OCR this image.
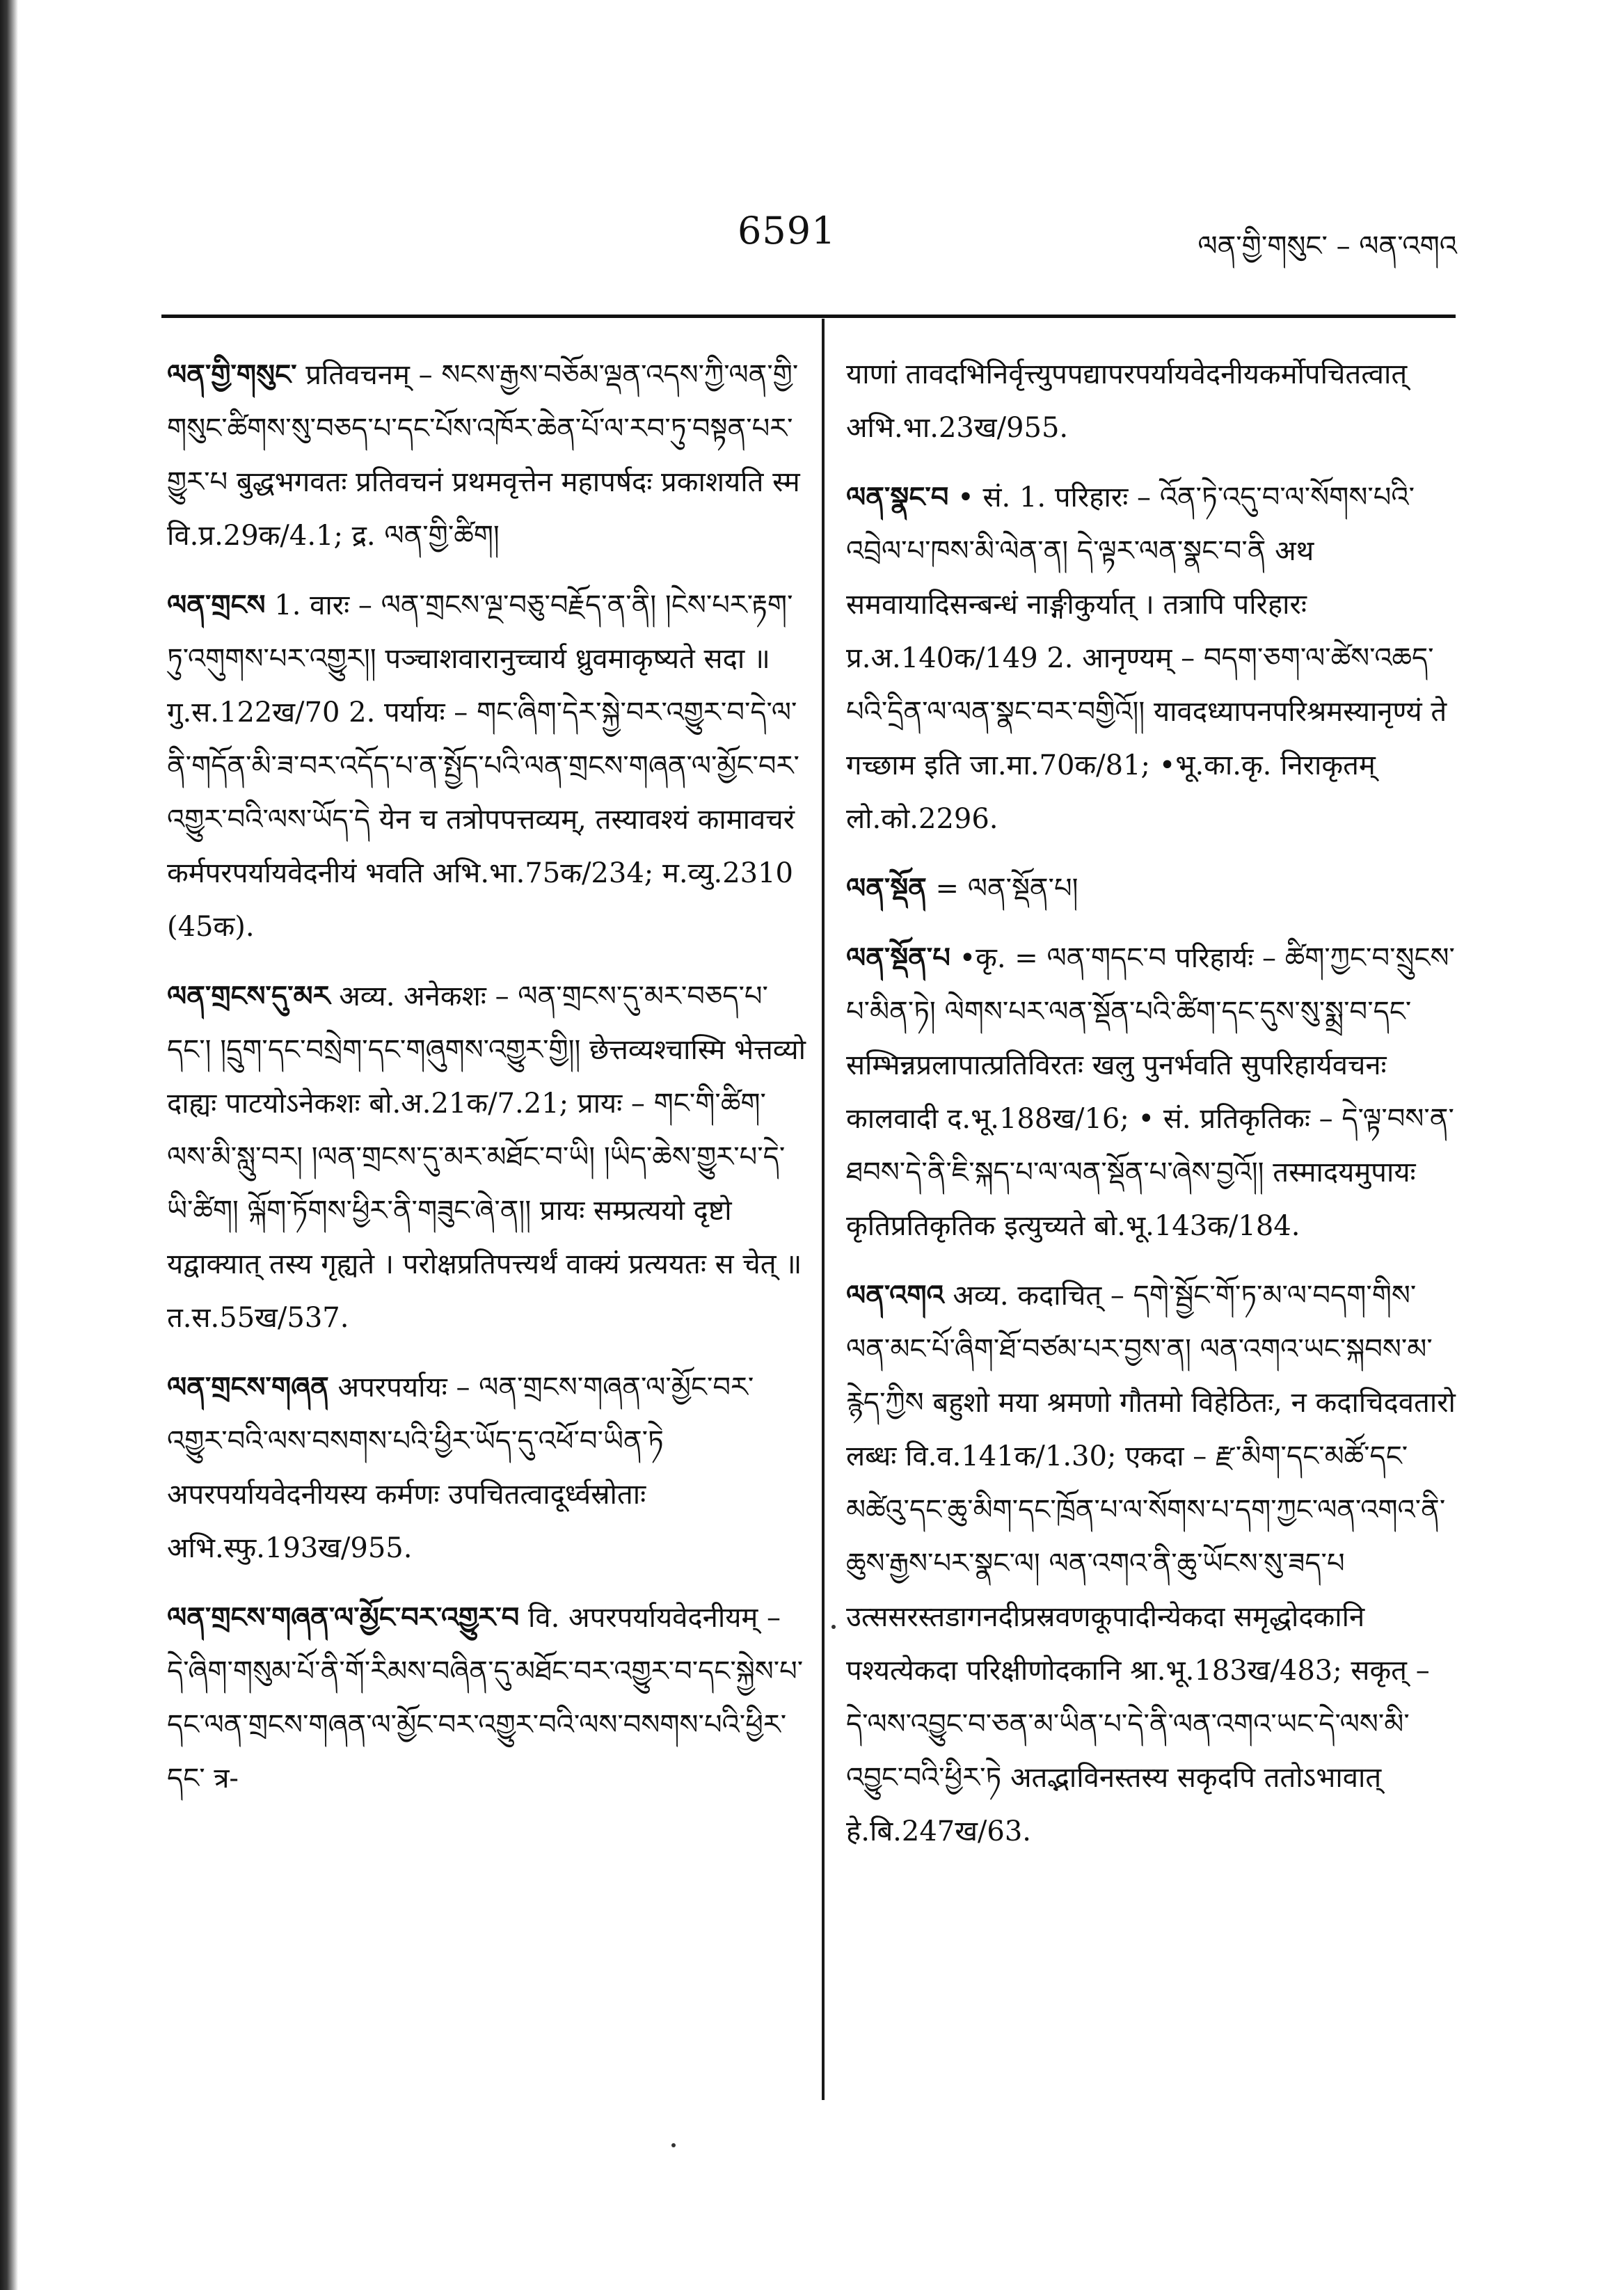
6591	ལན་གྱི་གསུང་ – ལན་འགའ

ལན་གྱི་གསུང་ प्रतिवचनम् – སངས་རྒྱས་བཅོམ་ལྡན་འདས་ཀྱི་ལན་གྱི་གསུང་ཚིགས་སུ་བཅད་པ་དང་པོས་འཁོར་ཆེན་པོ་ལ་རབ་ཏུ་བསྟན་པར་གྱུར་པ बुद्धभगवतः प्रतिवचनं प्रथमवृत्तेन महापर्षदः प्रकाशयति स्म वि.प्र.29क/4.1; द्र. ལན་གྱི་ཚིག།

ལན་གྲངས 1. वारः – ལན་གྲངས་ལྔ་བཅུ་བརྗོད་ན་ནི། །ངེས་པར་རྟག་ཏུ་འགུགས་པར་འགྱུར།། पञ्चाशवारानुच्चार्य ध्रुवमाकृष्यते सदा ॥ गु.स.122ख/70 2. पर्यायः – གང་ཞིག་དེར་སྐྱེ་བར་འགྱུར་བ་དེ་ལ་ནི་གདོན་མི་ཟ་བར་འདོད་པ་ན་སྤྱོད་པའི་ལན་གྲངས་གཞན་ལ་མྱོང་བར་འགྱུར་བའི་ལས་ཡོད་དེ येन च तत्रोपपत्तव्यम्, तस्यावश्यं कामावचरं कर्मपरपर्यायवेदनीयं भवति अभि.भा.75क/234; म.व्यु.2310 (45क).

ལན་གྲངས་དུ་མར अव्य. अनेकशः – ལན་གྲངས་དུ་མར་བཅད་པ་དང་། །དྲུག་དང་བསྲེག་དང་གཞུགས་འགྱུར་གྱི།། छेत्तव्यश्चास्मि भेत्तव्यो दाह्यः पाटयोऽनेकशः बो.अ.21क/7.21; प्रायः – གང་གི་ཚིག་ལས་མི་སླུ་བར། །ལན་གྲངས་དུ་མར་མཐོང་བ་ཡི། །ཡིད་ཆེས་གྱུར་པ་དེ་ཡི་ཚིག། ལྐོག་ཏོགས་ཕྱིར་ནི་གཟུང་ཞེ་ན།། प्रायः सम्प्रत्ययो दृष्टो यद्वाक्यात् तस्य गृह्यते । परोक्षप्रतिपत्त्यर्थं वाक्यं प्रत्ययतः स चेत् ॥ त.स.55ख/537.

ལན་གྲངས་གཞན अपरपर्यायः – ལན་གྲངས་གཞན་ལ་མྱོང་བར་འགྱུར་བའི་ལས་བསགས་པའི་ཕྱིར་ཡོད་དུ་འཕོ་བ་ཡིན་ཏེ अपरपर्यायवेदनीयस्य कर्मणः उपचितत्वादूर्ध्वस्रोताः अभि.स्फु.193ख/955.

ལན་གྲངས་གཞན་ལ་མྱོང་བར་འགྱུར་བ वि. अपरपर्यायवेदनीयम् – དེ་ཞིག་གསུམ་པོ་ནི་གོ་རིམས་བཞིན་དུ་མཐོང་བར་འགྱུར་བ་དང་སྐྱེས་པ་དང་ལན་གྲངས་གཞན་ལ་མྱོང་བར་འགྱུར་བའི་ལས་བསགས་པའི་ཕྱིར་དང་ त्र-

याणां तावदभिनिर्वृत्त्युपपद्यापरपर्यायवेदनीयकर्मोपचितत्वात् अभि.भा.23ख/955.

ལན་སྣང་བ • सं. 1. परिहारः – འོན་ཏེ་འདུ་བ་ལ་སོགས་པའི་འབྲེལ་པ་ཁས་མི་ལེན་ན། དེ་ལྟར་ལན་སྣང་བ་ནི अथ समवायादिसन्बन्धं नाङ्गीकुर्यात् । तत्रापि परिहारः प्र.अ.140क/149 2. आनृण्यम् – བདག་ཅག་ལ་ཚེས་འཆད་པའི་དྲིན་ལ་ལན་སྣང་བར་བགྱིའོ།། यावदध्यापनपरिश्रमस्यानृण्यं ते गच्छाम इति जा.मा.70क/81; •भू.का.कृ. निराकृतम् लो.को.2296.

ལན་སྡོན = ལན་སྡོན་པ།

ལན་སྡོན་པ •कृ. = ལན་གདང་བ परिहार्यः – ཚིག་ཀྱང་བ་སྲུངས་པ་མིན་ཏེ། ལེགས་པར་ལན་སྡོན་པའི་ཚིག་དང་དུས་སུ་སྨྲ་བ་དང་ सम्भिन्नप्रलापात्प्रतिविरतः खलु पुनर्भवति सुपरिहार्यवचनः कालवादी द.भू.188ख/16; • सं. प्रतिकृतिकः – དེ་ལྟ་བས་ན་ཐབས་དེ་ནི་ཇི་སྐད་པ་ལ་ལན་སྡོན་པ་ཞེས་བྱའོ།། तस्मादयमुपायः कृतिप्रतिकृतिक इत्युच्यते बो.भू.143क/184.

ལན་འགའ अव्य. कदाचित् – དགེ་སྦྱོང་གོ་ཏ་མ་ལ་བདག་གིས་ལན་མང་པོ་ཞིག་ཐོ་བཙམ་པར་བྱས་ན། ལན་འགའ་ཡང་སྐབས་མ་རྙེད་ཀྱིས बहुशो मया श्रमणो गौतमो विहेठितः, न कदाचिदवतारो लब्धः वि.व.141क/1.30; एकदा – རྫ་མིག་དང་མཚོ་དང་མཚེའུ་དང་ཆུ་མིག་དང་ཁྲོན་པ་ལ་སོགས་པ་དག་ཀྱང་ལན་འགའ་ནི་ཆུས་རྒྱས་པར་སྣང་ལ། ལན་འགའ་ནི་ཆུ་ཡོངས་སུ་ཟད་པ उत्ससरस्तडागनदीप्रस्रवणकूपादीन्येकदा समृद्धोदकानि पश्यत्येकदा परिक्षीणोदकानि श्रा.भू.183ख/483; सकृत् – དེ་ལས་འབྱུང་བ་ཅན་མ་ཡིན་པ་དེ་ནི་ལན་འགའ་ཡང་དེ་ལས་མི་འབྱུང་བའི་ཕྱིར་ཏེ अतद्भाविनस्तस्य सकृदपि ततोऽभावात् हे.बि.247ख/63.
